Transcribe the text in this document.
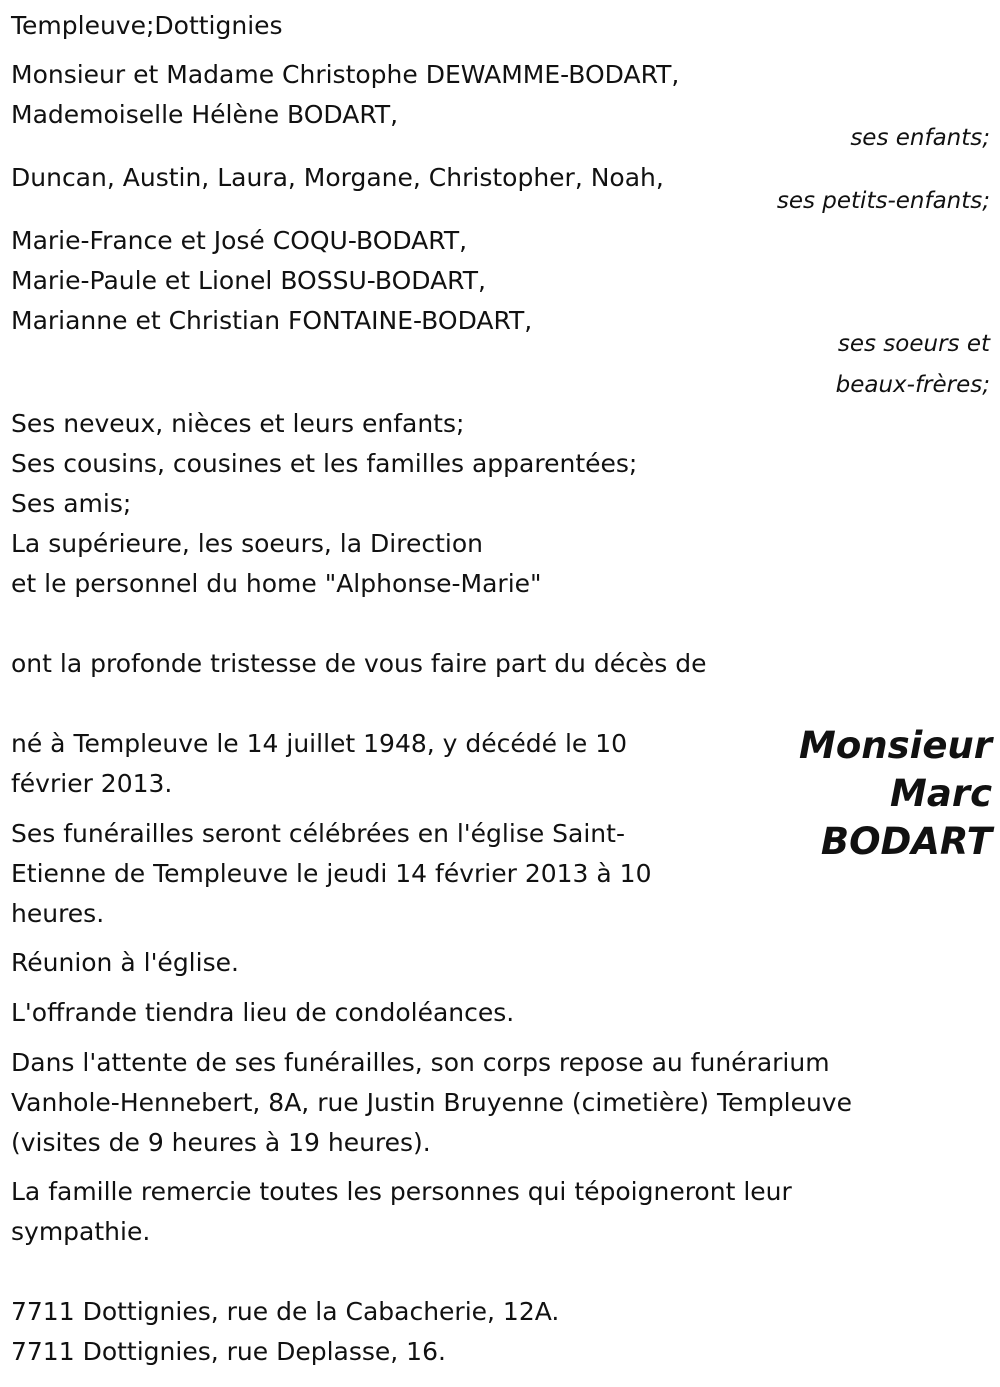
Templeuve;Dottignies
Monsieur et Madame Christophe DEWAMME-BODART,
Mademoiselle Hélène BODART,
ses enfants;
Duncan, Austin, Laura, Morgane, Christopher, Noah,
ses petits-enfants;
Marie-France et José COQU-BODART,
Marie-Paule et Lionel BOSSU-BODART,
Marianne et Christian FONTAINE-BODART,
ses soeurs et
beaux-frères;
Ses neveux, nièces et leurs enfants;
Ses cousins, cousines et les familles apparentées;
Ses amis;
La supérieure, les soeurs, la Direction
et le personnel du home "Alphonse-Marie"
ont la profonde tristesse de vous faire part du décès de
Monsieur
Marc
BODART
né à Templeuve le 14 juillet 1948, y décédé le 10
février 2013.
Ses funérailles seront célébrées en l'église Saint-
Etienne de Templeuve le jeudi 14 février 2013 à 10
heures.
Réunion à l'église.
L'offrande tiendra lieu de condoléances.
Dans l'attente de ses funérailles, son corps repose au funérarium
Vanhole-Hennebert, 8A, rue Justin Bruyenne (cimetière) Templeuve
(visites de 9 heures à 19 heures).
La famille remercie toutes les personnes qui tépoigneront leur
sympathie.
7711 Dottignies, rue de la Cabacherie, 12A.
7711 Dottignies, rue Deplasse, 16.
